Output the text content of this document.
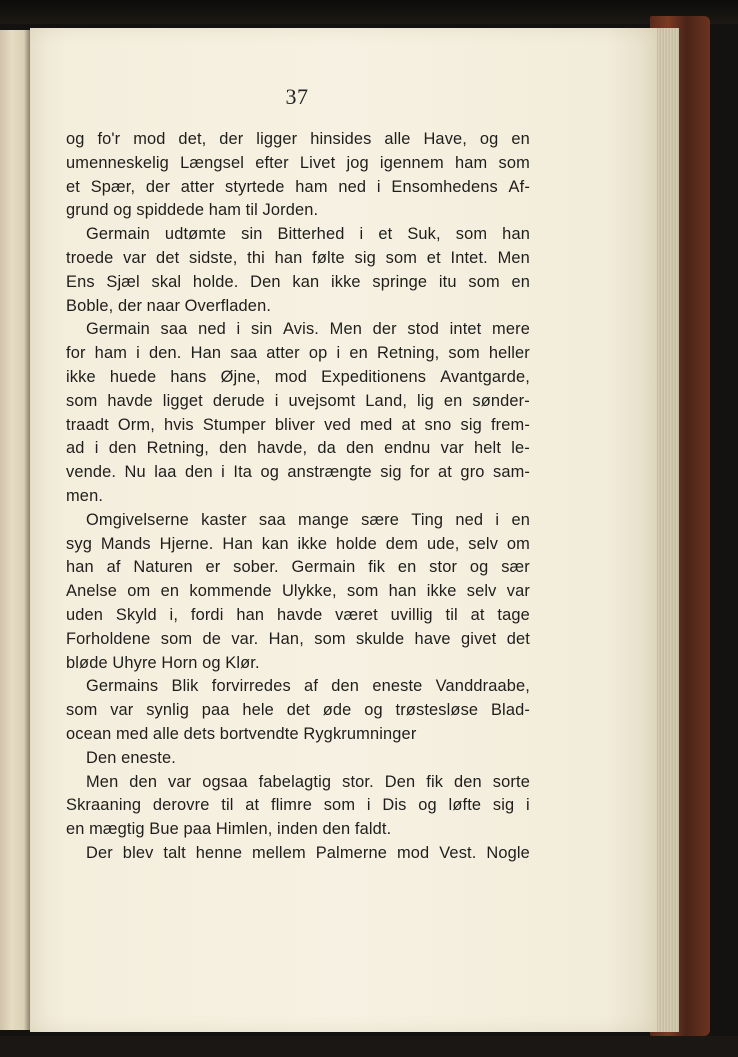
37
og fo'r mod det, der ligger hinsides alle Have, og en
umenneskelig Længsel efter Livet jog igennem ham som
et Spær, der atter styrtede ham ned i Ensomhedens Af-
grund og spiddede ham til Jorden.
Germain udtømte sin Bitterhed i et Suk, som han
troede var det sidste, thi han følte sig som et Intet. Men
Ens Sjæl skal holde. Den kan ikke springe itu som en
Boble, der naar Overfladen.
Germain saa ned i sin Avis. Men der stod intet mere
for ham i den. Han saa atter op i en Retning, som heller
ikke huede hans Øjne, mod Expeditionens Avantgarde,
som havde ligget derude i uvejsomt Land, lig en sønder-
traadt Orm, hvis Stumper bliver ved med at sno sig frem-
ad i den Retning, den havde, da den endnu var helt le-
vende. Nu laa den i Ita og anstrængte sig for at gro sam-
men.
Omgivelserne kaster saa mange sære Ting ned i en
syg Mands Hjerne. Han kan ikke holde dem ude, selv om
han af Naturen er sober. Germain fik en stor og sær
Anelse om en kommende Ulykke, som han ikke selv var
uden Skyld i, fordi han havde været uvillig til at tage
Forholdene som de var. Han, som skulde have givet det
bløde Uhyre Horn og Klør.
Germains Blik forvirredes af den eneste Vanddraabe,
som var synlig paa hele det øde og trøstesløse Blad-
ocean med alle dets bortvendte Rygkrumninger
Den eneste.
Men den var ogsaa fabelagtig stor. Den fik den sorte
Skraaning derovre til at flimre som i Dis og løfte sig i
en mægtig Bue paa Himlen, inden den faldt.
Der blev talt henne mellem Palmerne mod Vest. Nogle
